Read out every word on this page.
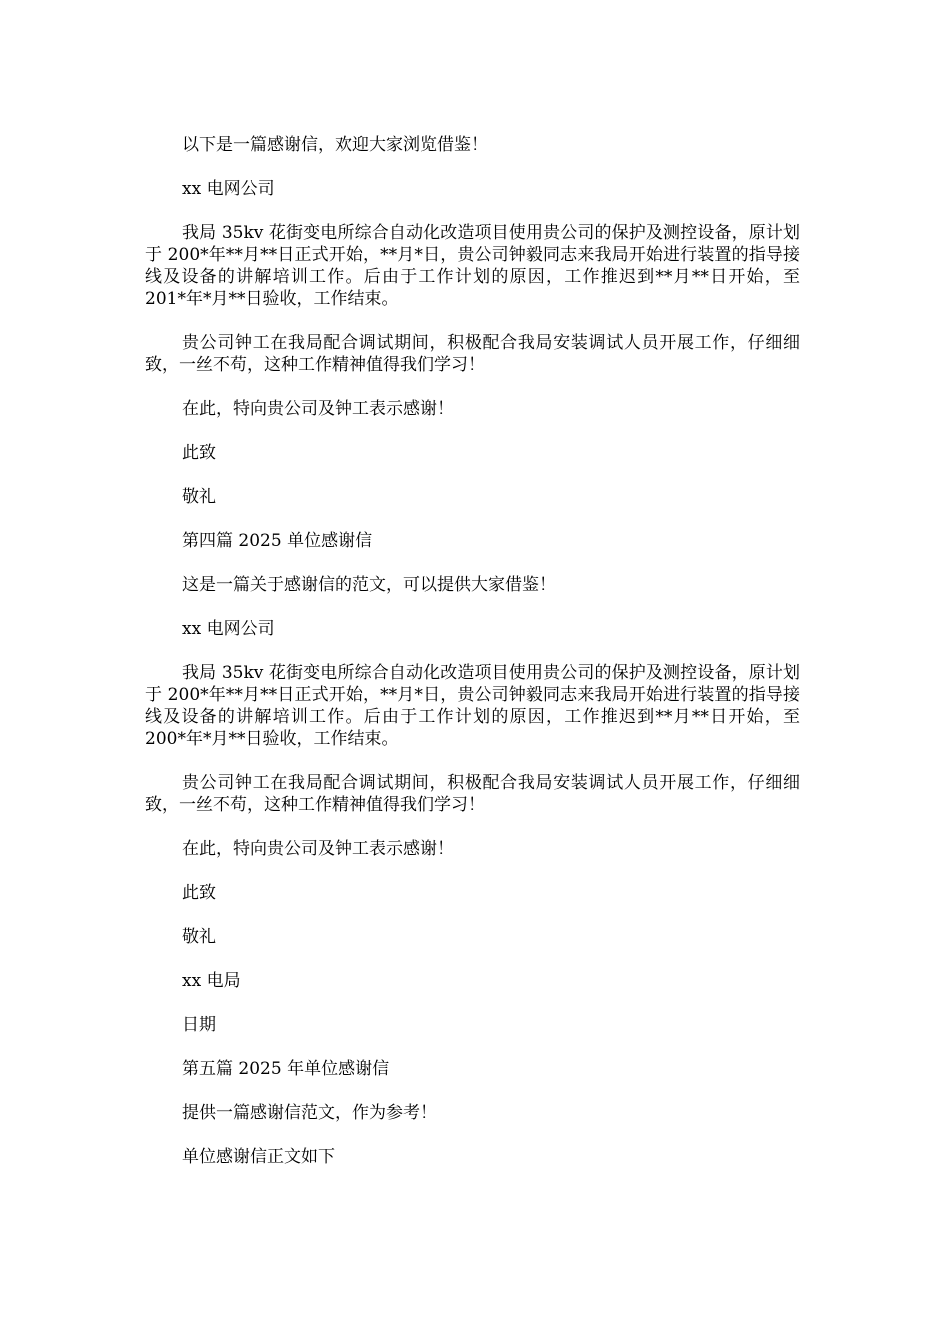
以下是一篇感谢信，欢迎大家浏览借鉴！

xx 电网公司

我局 35kv 花街变电所综合自动化改造项目使用贵公司的保护及测控设备，原计划于 200*年**月**日正式开始，**月*日，贵公司钟毅同志来我局开始进行装置的指导接线及设备的讲解培训工作。后由于工作计划的原因，工作推迟到**月**日开始，至 201*年*月**日验收，工作结束。

贵公司钟工在我局配合调试期间，积极配合我局安装调试人员开展工作，仔细细致，一丝不苟，这种工作精神值得我们学习！

在此，特向贵公司及钟工表示感谢！

此致

敬礼

第四篇 2025 单位感谢信

这是一篇关于感谢信的范文，可以提供大家借鉴！

xx 电网公司

我局 35kv 花街变电所综合自动化改造项目使用贵公司的保护及测控设备，原计划于 200*年**月**日正式开始，**月*日，贵公司钟毅同志来我局开始进行装置的指导接线及设备的讲解培训工作。后由于工作计划的原因，工作推迟到**月**日开始，至 200*年*月**日验收，工作结束。

贵公司钟工在我局配合调试期间，积极配合我局安装调试人员开展工作，仔细细致，一丝不苟，这种工作精神值得我们学习！

在此，特向贵公司及钟工表示感谢！

此致

敬礼

xx 电局

日期

第五篇 2025 年单位感谢信

提供一篇感谢信范文，作为参考！

单位感谢信正文如下
